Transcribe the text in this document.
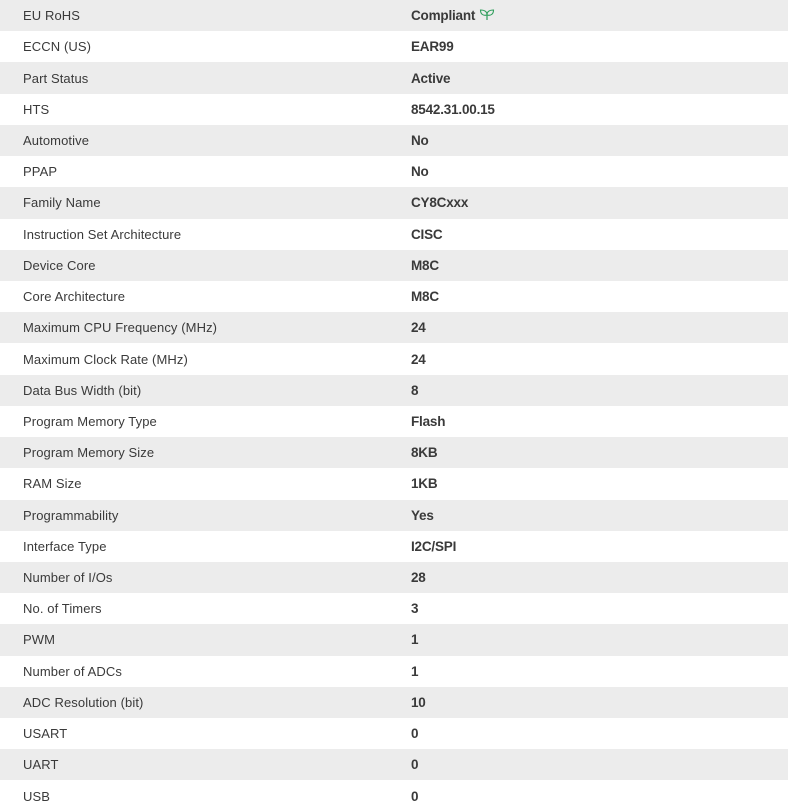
EU RoHS	Compliant
ECCN (US)	EAR99
Part Status	Active
HTS	8542.31.00.15
Automotive	No
PPAP	No
Family Name	CY8Cxxx
Instruction Set Architecture	CISC
Device Core	M8C
Core Architecture	M8C
Maximum CPU Frequency (MHz)	24
Maximum Clock Rate (MHz)	24
Data Bus Width (bit)	8
Program Memory Type	Flash
Program Memory Size	8KB
RAM Size	1KB
Programmability	Yes
Interface Type	I2C/SPI
Number of I/Os	28
No. of Timers	3
PWM	1
Number of ADCs	1
ADC Resolution (bit)	10
USART	0
UART	0
USB	0
